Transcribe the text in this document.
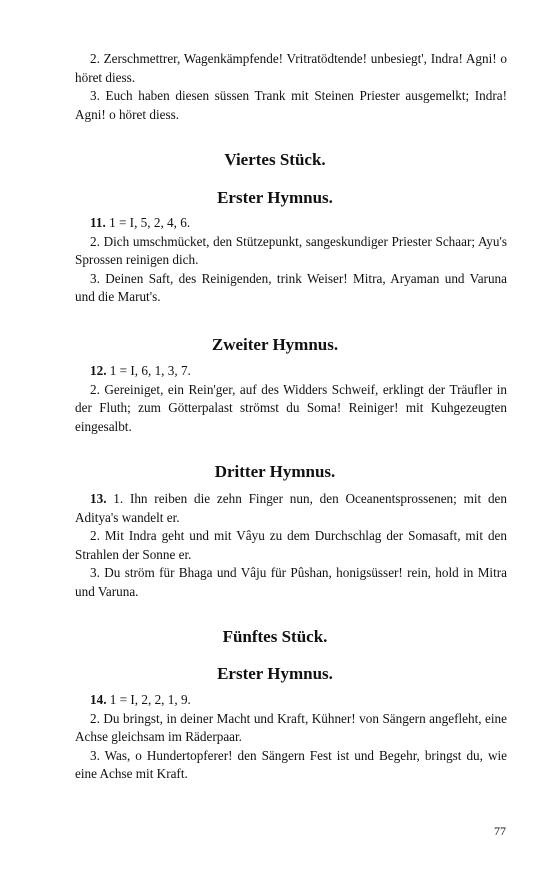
2. Zerschmettrer, Wagenkämpfende! Vritratödtende! unbesiegt', Indra! Agni! o höret diess.

3. Euch haben diesen süssen Trank mit Steinen Priester ausgemelkt; Indra! Agni! o höret diess.

Viertes Stück.
Erster Hymnus.

11. 1 = I, 5, 2, 4, 6.

2. Dich umschmücket, den Stützepunkt, sangeskundiger Priester Schaar; Ayu's Sprossen reinigen dich.

3. Deinen Saft, des Reinigenden, trink Weiser! Mitra, Aryaman und Varuna und die Marut's.

Zweiter Hymnus.

12. 1 = I, 6, 1, 3, 7.

2. Gereiniget, ein Rein'ger, auf des Widders Schweif, erklingt der Träufler in der Fluth; zum Götterpalast strömst du Soma! Reiniger! mit Kuhgezeugten eingesalbt.

Dritter Hymnus.

13. 1. Ihn reiben die zehn Finger nun, den Oceanentsprossenen; mit den Aditya's wandelt er.

2. Mit Indra geht und mit Vâyu zu dem Durchschlag der Somasaft, mit den Strahlen der Sonne er.

3. Du ström für Bhaga und Vâju für Pûshan, honigsüsser! rein, hold in Mitra und Varuna.

Fünftes Stück.
Erster Hymnus.

14. 1 = I, 2, 2, 1, 9.

2. Du bringst, in deiner Macht und Kraft, Kühner! von Sängern angefleht, eine Achse gleichsam im Räderpaar.

3. Was, o Hundertopferer! den Sängern Fest ist und Begehr, bringst du, wie eine Achse mit Kraft.

77
